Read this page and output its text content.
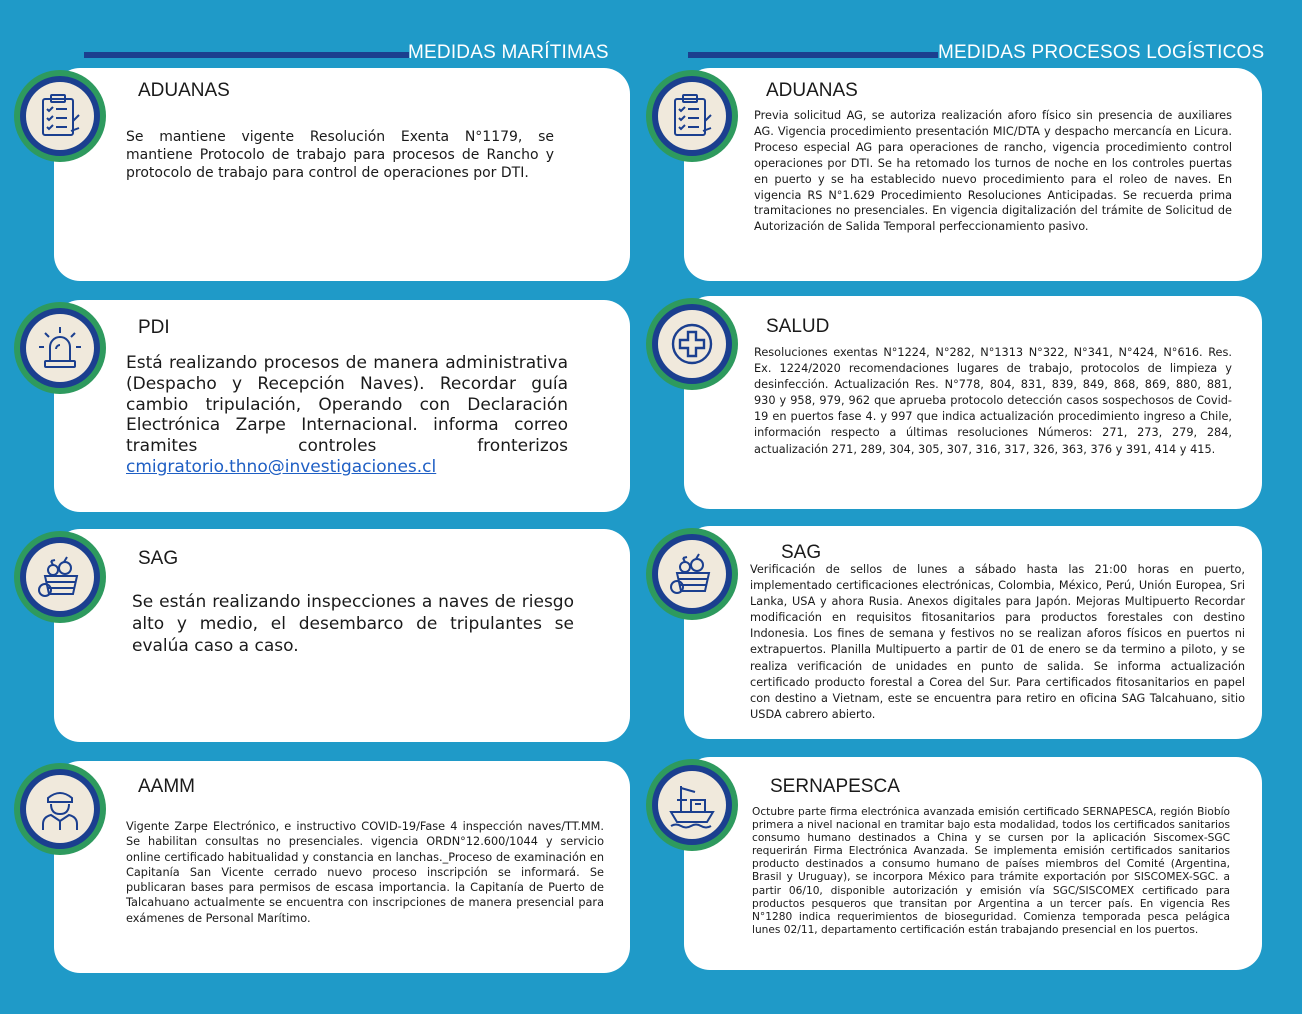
MEDIDAS MARÍTIMAS	MEDIDAS PROCESOS LOGÍSTICOS
ADUANAS
Se mantiene vigente Resolución Exenta N°1179, se mantiene Protocolo de trabajo para procesos de Rancho y protocolo de trabajo para control de operaciones por DTI.
PDI
Está realizando procesos de manera administrativa (Despacho y Recepción Naves). Recordar guía cambio tripulación, Operando con Declaración Electrónica Zarpe Internacional. informa correo tramites controles fronterizos cmigratorio.thno@investigaciones.cl
SAG
Se están realizando inspecciones a naves de riesgo alto y medio, el desembarco de tripulantes se evalúa caso a caso.
AAMM
Vigente Zarpe Electrónico, e instructivo COVID-19/Fase 4 inspección naves/TT.MM. Se habilitan consultas no presenciales. vigencia ORDN°12.600/1044 y servicio online certificado habitualidad y constancia en lanchas._Proceso de examinación en Capitanía San Vicente cerrado nuevo proceso inscripción se informará. Se publicaran bases para permisos de escasa importancia. la Capitanía de Puerto de Talcahuano actualmente se encuentra con inscripciones de manera presencial para exámenes de Personal Marítimo.
ADUANAS
Previa solicitud AG, se autoriza realización aforo físico sin presencia de auxiliares AG. Vigencia procedimiento presentación MIC/DTA y despacho mercancía en Licura. Proceso especial AG para operaciones de rancho, vigencia procedimiento control operaciones por DTI. Se ha retomado los turnos de noche en los controles puertas en puerto y se ha establecido nuevo procedimiento para el roleo de naves. En vigencia RS N°1.629 Procedimiento Resoluciones Anticipadas. Se recuerda prima tramitaciones no presenciales. En vigencia digitalización del trámite de Solicitud de Autorización de Salida Temporal perfeccionamiento pasivo.
SALUD
Resoluciones exentas N°1224, N°282, N°1313 N°322, N°341, N°424, N°616. Res. Ex. 1224/2020 recomendaciones lugares de trabajo, protocolos de limpieza y desinfección. Actualización Res. N°778, 804, 831, 839, 849, 868, 869, 880, 881, 930 y 958, 979, 962 que aprueba protocolo detección casos sospechosos de Covid-19 en puertos fase 4. y 997 que indica actualización procedimiento ingreso a Chile, información respecto a últimas resoluciones Números: 271, 273, 279, 284, actualización 271, 289, 304, 305, 307, 316, 317, 326, 363, 376 y 391, 414 y 415.
SAG
Verificación de sellos de lunes a sábado hasta las 21:00 horas en puerto, implementado certificaciones electrónicas, Colombia, México, Perú, Unión Europea, Sri Lanka, USA y ahora Rusia. Anexos digitales para Japón. Mejoras Multipuerto Recordar modificación en requisitos fitosanitarios para productos forestales con destino Indonesia. Los fines de semana y festivos no se realizan aforos físicos en puertos ni extrapuertos. Planilla Multipuerto a partir de 01 de enero se da termino a piloto, y se realiza verificación de unidades en punto de salida. Se informa actualización certificado producto forestal a Corea del Sur. Para certificados fitosanitarios en papel con destino a Vietnam, este se encuentra para retiro en oficina SAG Talcahuano, sitio USDA cabrero abierto.
SERNAPESCA
Octubre parte firma electrónica avanzada emisión certificado SERNAPESCA, región Biobío primera a nivel nacional en tramitar bajo esta modalidad, todos los certificados sanitarios consumo humano destinados a China y se cursen por la aplicación Siscomex-SGC requerirán Firma Electrónica Avanzada. Se implementa emisión certificados sanitarios producto destinados a consumo humano de países miembros del Comité (Argentina, Brasil y Uruguay), se incorpora México para trámite exportación por SISCOMEX-SGC. a partir 06/10, disponible autorización y emisión vía SGC/SISCOMEX certificado para productos pesqueros que transitan por Argentina a un tercer país. En vigencia Res N°1280 indica requerimientos de bioseguridad. Comienza temporada pesca pelágica lunes 02/11, departamento certificación están trabajando presencial en los puertos.
